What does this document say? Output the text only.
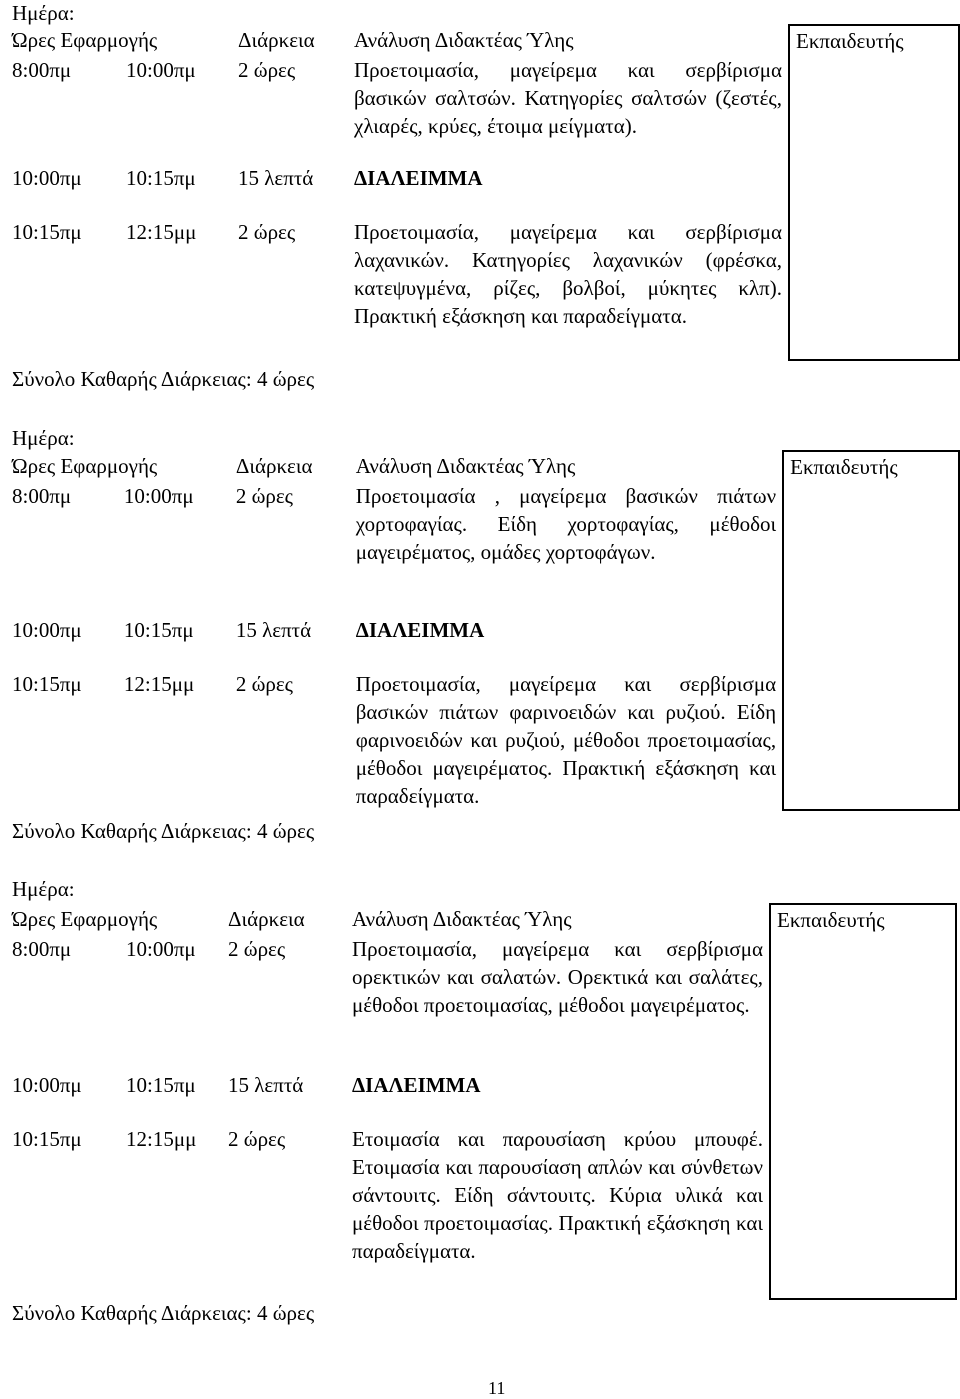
Ημέρα:
Ώρες Εφαρμογής		Διάρκεια	Ανάλυση Διδακτέας Ύλης	Εκπαιδευτής
8:00πμ	10:00πμ	2 ώρες	Προετοιμασία, μαγείρεμα και σερβίρισμα βασικών σαλτσών. Κατηγορίες σαλτσών (ζεστές, χλιαρές, κρύες, έτοιμα μείγματα).	
10:00πμ	10:15πμ	15 λεπτά	ΔΙΑΛΕΙΜΜΑ	
10:15πμ	12:15μμ	2 ώρες	Προετοιμασία, μαγείρεμα και σερβίρισμα λαχανικών. Κατηγορίες λαχανικών (φρέσκα, κατεψυγμένα, ρίζες, βολβοί, μύκητες κλπ). Πρακτική εξάσκηση και παραδείγματα.	
Σύνολο Καθαρής Διάρκειας: 4 ώρες
Ημέρα:
Ώρες Εφαρμογής		Διάρκεια	Ανάλυση Διδακτέας Ύλης	Εκπαιδευτής
8:00πμ	10:00πμ	2 ώρες	Προετοιμασία , μαγείρεμα βασικών πιάτων χορτοφαγίας. Είδη χορτοφαγίας, μέθοδοι μαγειρέματος, ομάδες χορτοφάγων.	
10:00πμ	10:15πμ	15 λεπτά	ΔΙΑΛΕΙΜΜΑ	
10:15πμ	12:15μμ	2 ώρες	Προετοιμασία, μαγείρεμα και σερβίρισμα βασικών πιάτων φαρινοειδών και ρυζιού. Είδη φαρινοειδών και ρυζιού, μέθοδοι προετοιμασίας, μέθοδοι μαγειρέματος. Πρακτική εξάσκηση και παραδείγματα.	
Σύνολο Καθαρής Διάρκειας: 4 ώρες
Ημέρα:
Ώρες Εφαρμογής		Διάρκεια	Ανάλυση Διδακτέας Ύλης	Εκπαιδευτής
8:00πμ	10:00πμ	2 ώρες	Προετοιμασία, μαγείρεμα και σερβίρισμα ορεκτικών και σαλατών. Ορεκτικά και σαλάτες, μέθοδοι προετοιμασίας, μέθοδοι μαγειρέματος.	
10:00πμ	10:15πμ	15 λεπτά	ΔΙΑΛΕΙΜΜΑ	
10:15πμ	12:15μμ	2 ώρες	Ετοιμασία και παρουσίαση κρύου μπουφέ. Ετοιμασία και παρουσίαση απλών και σύνθετων σάντουιτς. Είδη σάντουιτς. Κύρια υλικά και μέθοδοι προετοιμασίας. Πρακτική εξάσκηση και παραδείγματα.	
Σύνολο Καθαρής Διάρκειας: 4 ώρες
11
